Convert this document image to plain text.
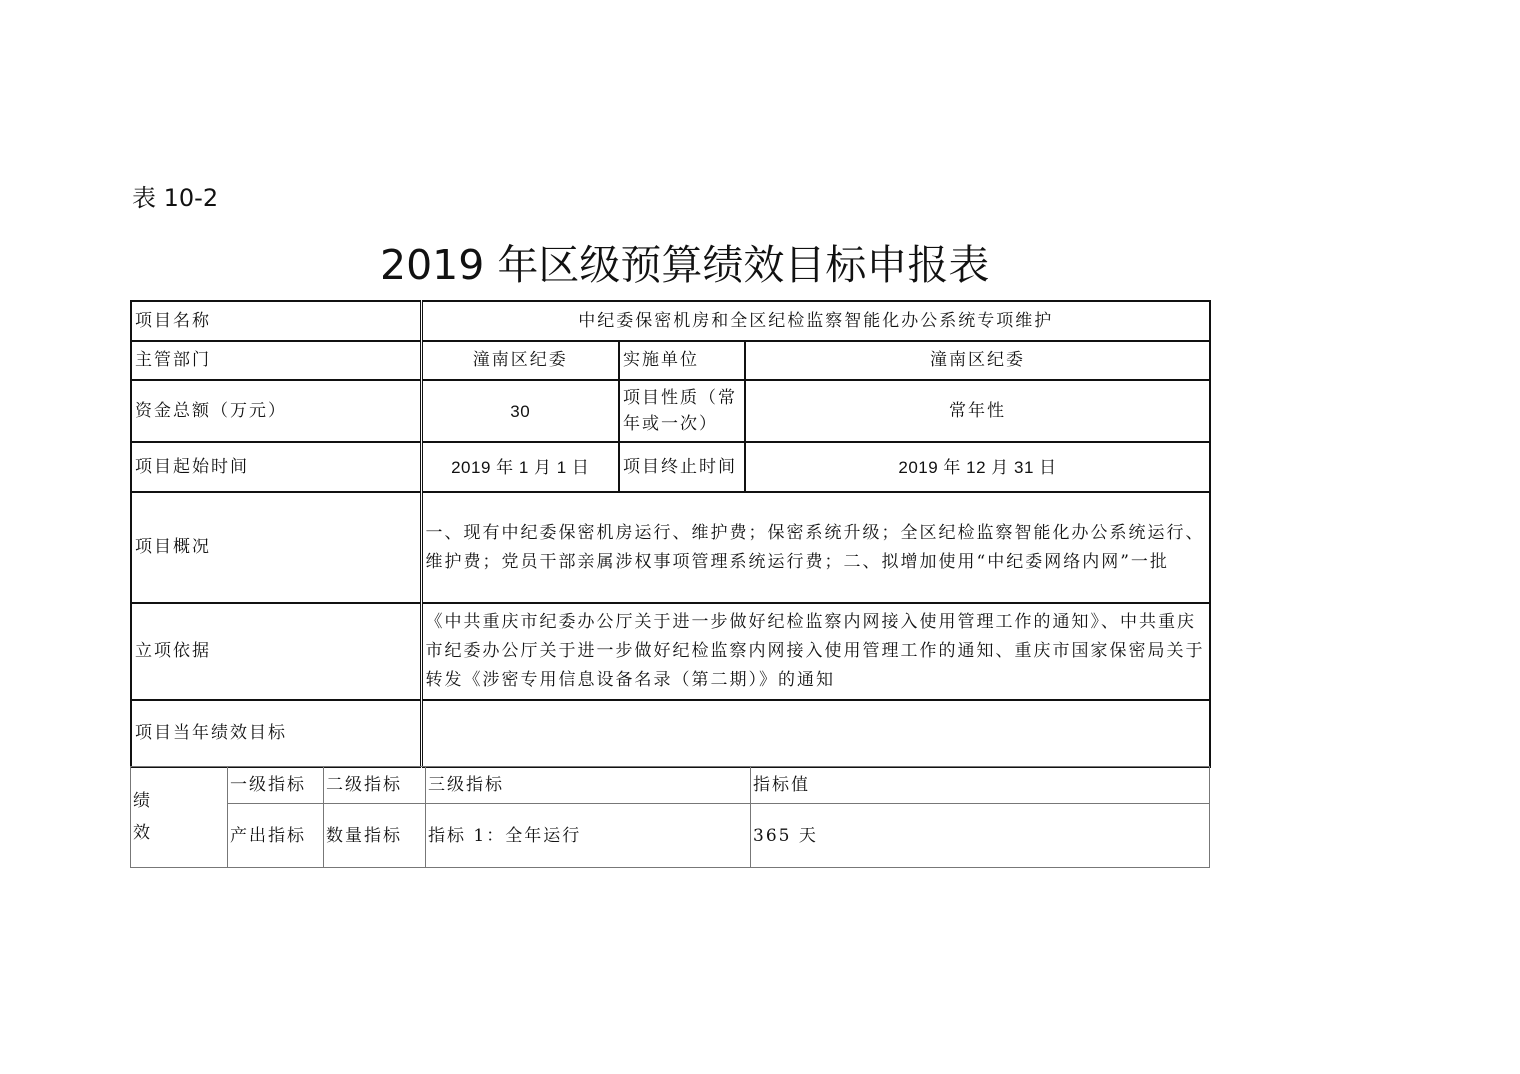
表 10-2
2019 年区级预算绩效目标申报表
项目名称	中纪委保密机房和全区纪检监察智能化办公系统专项维护		
主管部门	潼南区纪委	实施单位	潼南区纪委
资金总额（万元）	30	项目性质（常年或一次）	常年性
项目起始时间	2019 年 1 月 1 日	项目终止时间	2019 年 12 月 31 日
项目概况	一、现有中纪委保密机房运行、维护费；保密系统升级；全区纪检监察智能化办公系统运行、维护费；党员干部亲属涉权事项管理系统运行费；二、拟增加使用“中纪委网络内网”一批		
立项依据	《中共重庆市纪委办公厅关于进一步做好纪检监察内网接入使用管理工作的通知》、中共重庆市纪委办公厅关于进一步做好纪检监察内网接入使用管理工作的通知、重庆市国家保密局关于转发《涉密专用信息设备名录（第二期）》的通知		
项目当年绩效目标			
绩效	一级指标	二级指标	三级指标	指标值
	产出指标	数量指标	指标 1：全年运行	365 天
